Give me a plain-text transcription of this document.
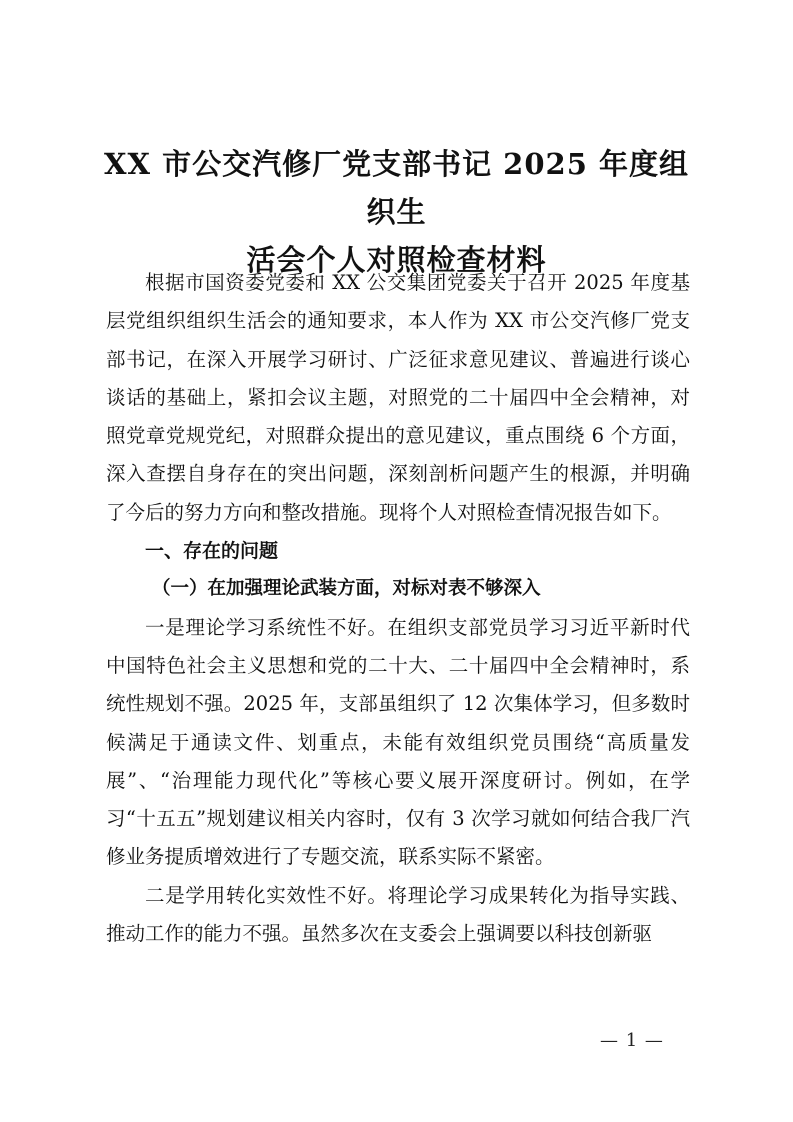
XX 市公交汽修厂党支部书记 2025 年度组织生
活会个人对照检查材料

根据市国资委党委和 XX 公交集团党委关于召开 2025 年度基层党组织组织生活会的通知要求，本人作为 XX 市公交汽修厂党支部书记，在深入开展学习研讨、广泛征求意见建议、普遍进行谈心谈话的基础上，紧扣会议主题，对照党的二十届四中全会精神，对照党章党规党纪，对照群众提出的意见建议，重点围绕 6 个方面，深入查摆自身存在的突出问题，深刻剖析问题产生的根源，并明确了今后的努力方向和整改措施。现将个人对照检查情况报告如下。

一、存在的问题

（一）在加强理论武装方面，对标对表不够深入

一是理论学习系统性不好。在组织支部党员学习习近平新时代中国特色社会主义思想和党的二十大、二十届四中全会精神时，系统性规划不强。2025 年，支部虽组织了 12 次集体学习，但多数时候满足于通读文件、划重点，未能有效组织党员围绕“高质量发展”、“治理能力现代化”等核心要义展开深度研讨。例如，在学习“十五五”规划建议相关内容时，仅有 3 次学习就如何结合我厂汽修业务提质增效进行了专题交流，联系实际不紧密。

二是学用转化实效性不好。将理论学习成果转化为指导实践、推动工作的能力不强。虽然多次在支委会上强调要以科技创新驱

— 1 —
